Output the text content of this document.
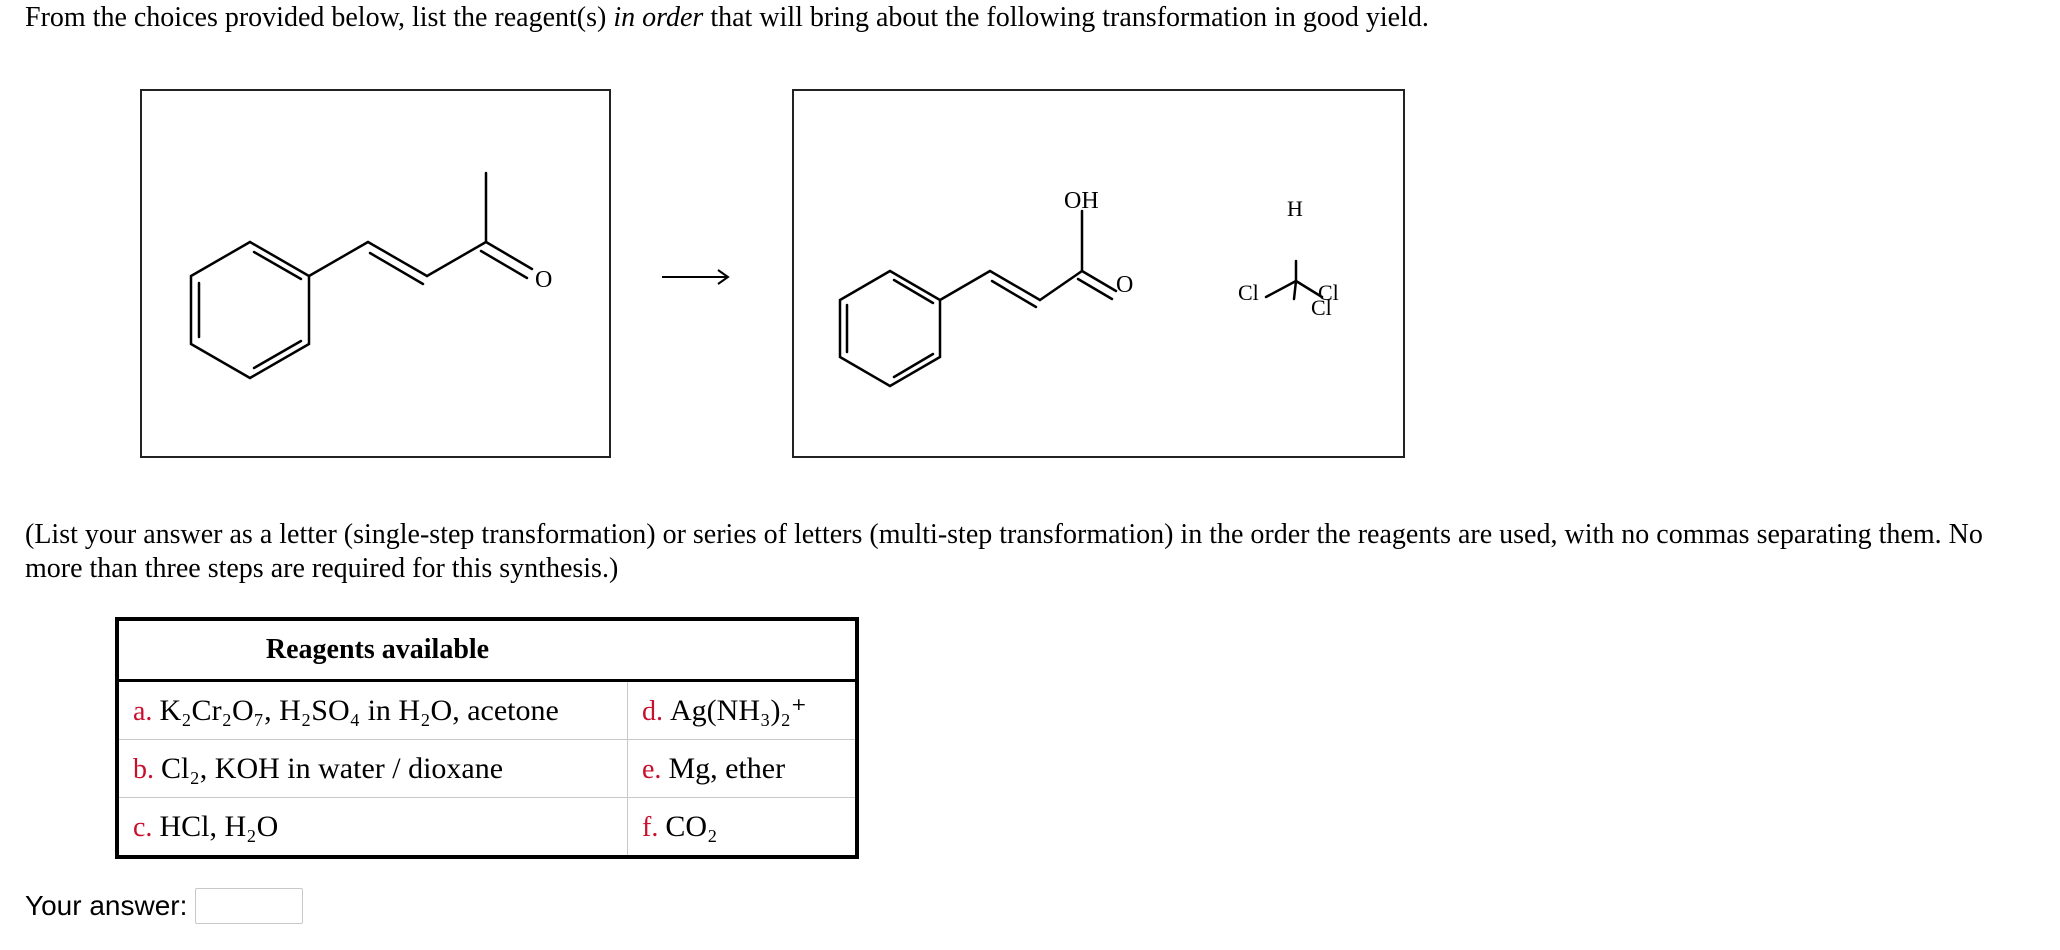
From the choices provided below, list the reagent(s) in order that will bring about the following transformation in good yield.
O
OH
O
H
Cl	Cl
Cl
(List your answer as a letter (single-step transformation) or series of letters (multi-step transformation) in the order the reagents are used, with no commas separating them. No more than three steps are required for this synthesis.)
Reagents available	
a. K₂Cr₂O₇, H₂SO₄ in H₂O, acetone	d. Ag(NH₃)₂⁺
b. Cl₂, KOH in water / dioxane	e. Mg, ether
c. HCl, H₂O	f. CO₂
Your answer:
